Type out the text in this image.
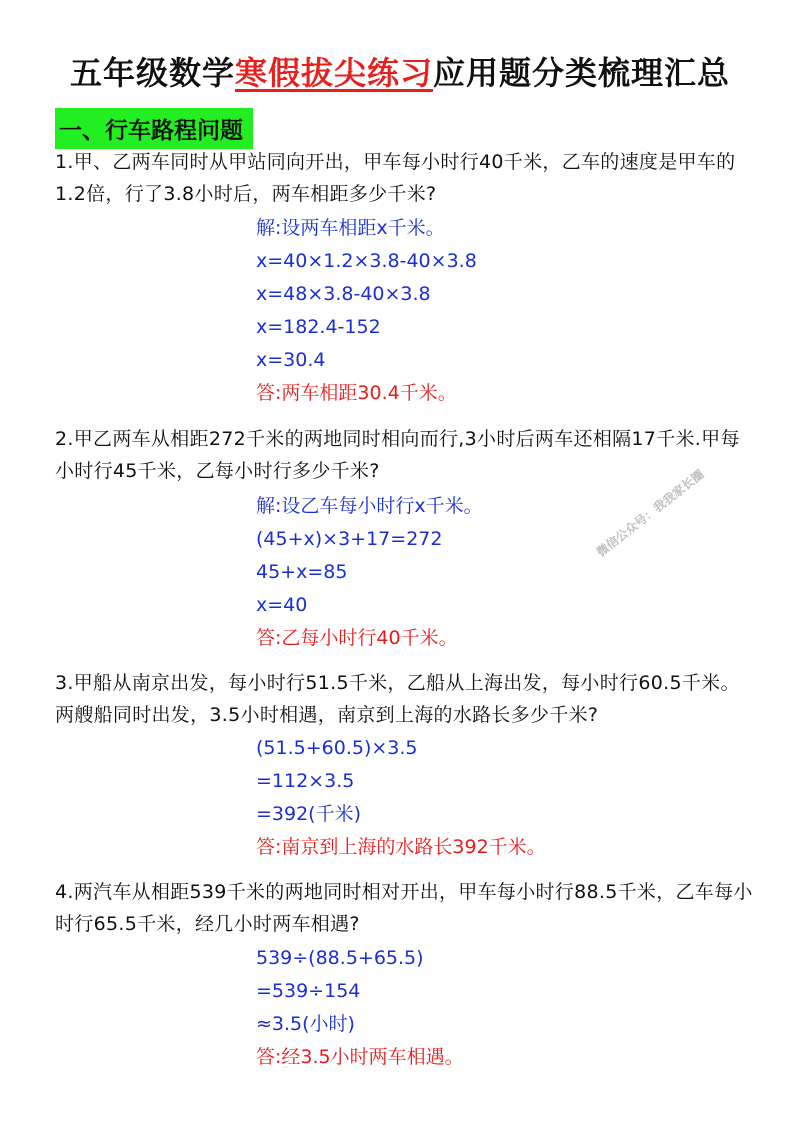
五年级数学寒假拔尖练习应用题分类梳理汇总
一、行车路程问题
1.甲、乙两车同时从甲站同向开出，甲车每小时行40千米，乙车的速度是甲车的1.2倍，行了3.8小时后，两车相距多少千米?
解:设两车相距x千米。
x=40×1.2×3.8-40×3.8
x=48×3.8-40×3.8
x=182.4-152
x=30.4
答:两车相距30.4千米。
2.甲乙两车从相距272千米的两地同时相向而行,3小时后两车还相隔17千米.甲每小时行45千米，乙每小时行多少千米?
解:设乙车每小时行x千米。
(45+x)×3+17=272
45+x=85
x=40
答:乙每小时行40千米。
3.甲船从南京出发，每小时行51.5千米，乙船从上海出发，每小时行60.5千米。两艘船同时出发，3.5小时相遇，南京到上海的水路长多少千米?
(51.5+60.5)×3.5
=112×3.5
=392(千米)
答:南京到上海的水路长392千米。
4.两汽车从相距539千米的两地同时相对开出，甲车每小时行88.5千米，乙车每小时行65.5千米，经几小时两车相遇?
539÷(88.5+65.5)
=539÷154
≈3.5(小时)
答:经3.5小时两车相遇。
微信公众号：我我家长圈
